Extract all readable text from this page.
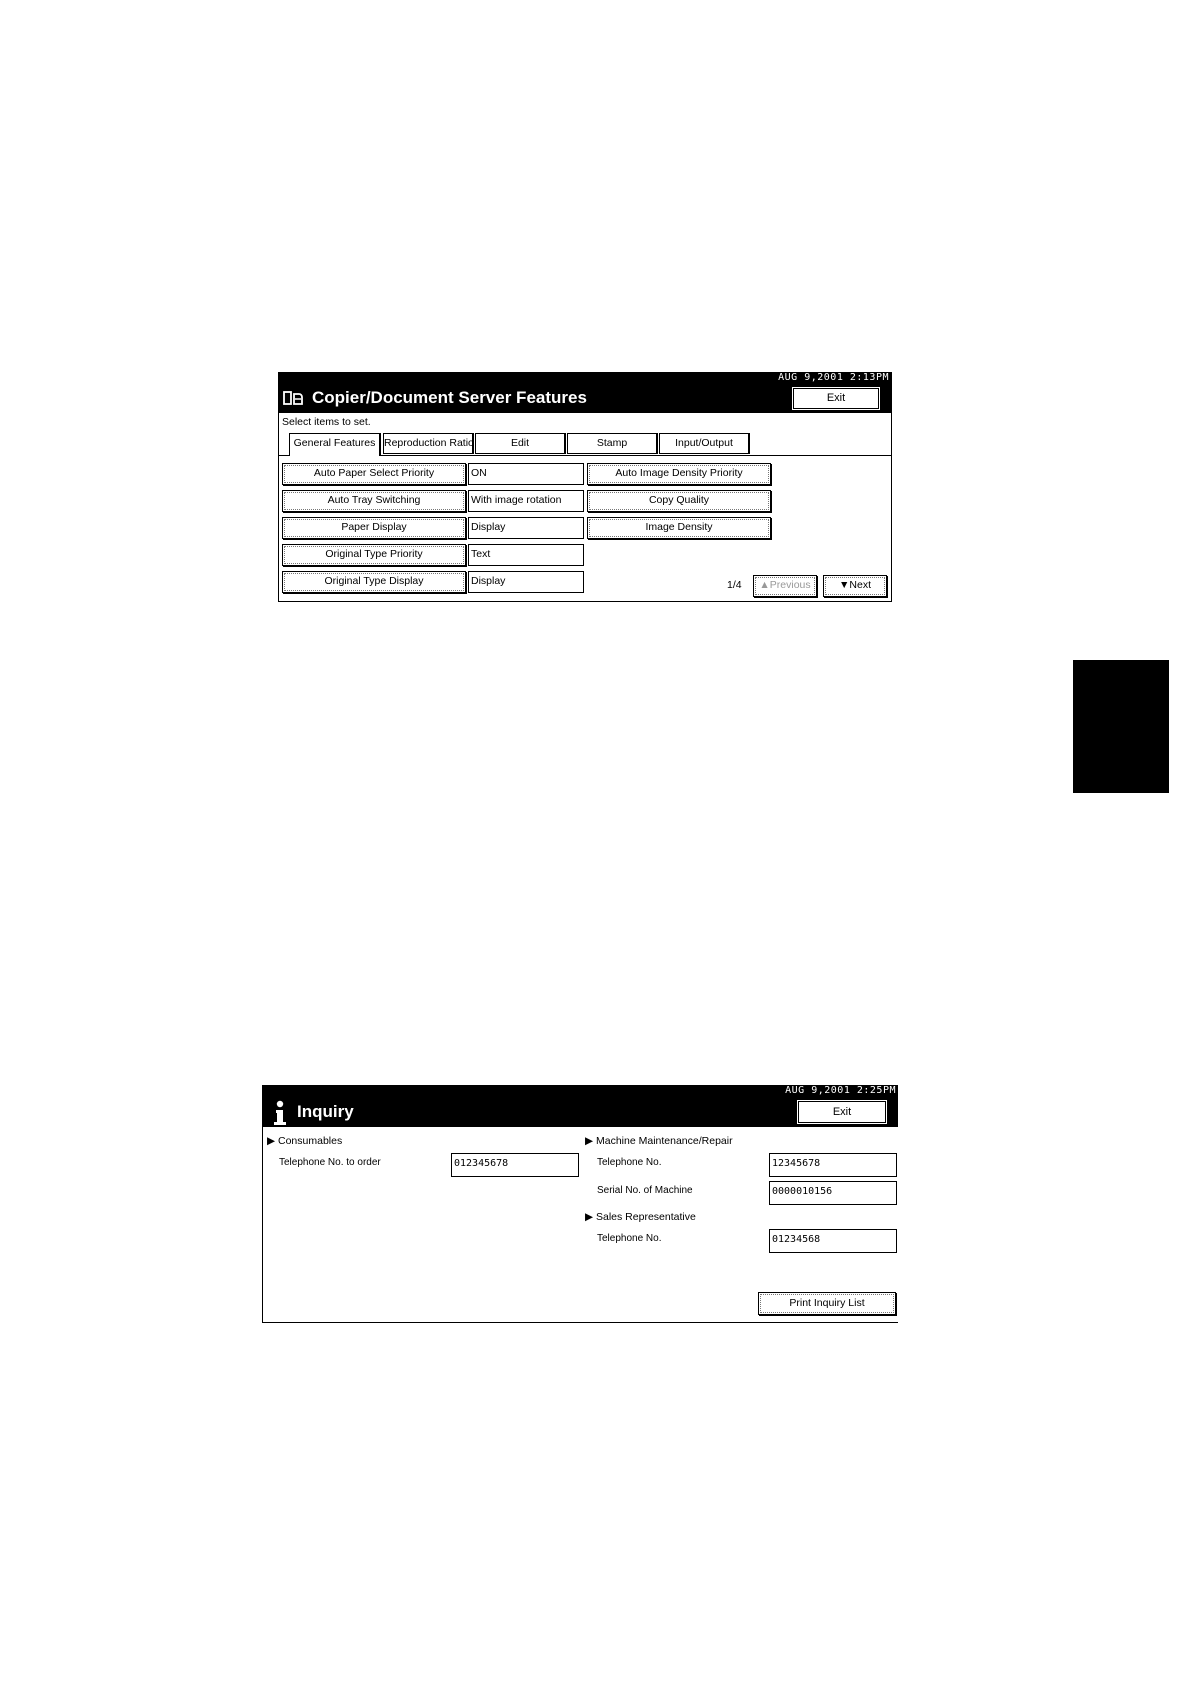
AUG 9,2001 2:13PM
Copier/Document Server Features	Exit
Select items to set.
General Features Reproduction Ratio	Edit	Stamp	Input/Output
Auto Paper Select Priority	ON
Auto Tray Switching	With image rotation
Paper Display	Display
Original Type Priority	Text
Original Type Display	Display
Auto Image Density Priority
Copy Quality
Image Density
1/4	▲Previous	▼Next
AUG 9,2001 2:25PM
Inquiry	Exit
▶ Consumables
Telephone No. to order	012345678
▶ Machine Maintenance/Repair
Telephone No.	12345678
Serial No. of Machine	0000010156
▶ Sales Representative
Telephone No.	01234568
Print Inquiry List
